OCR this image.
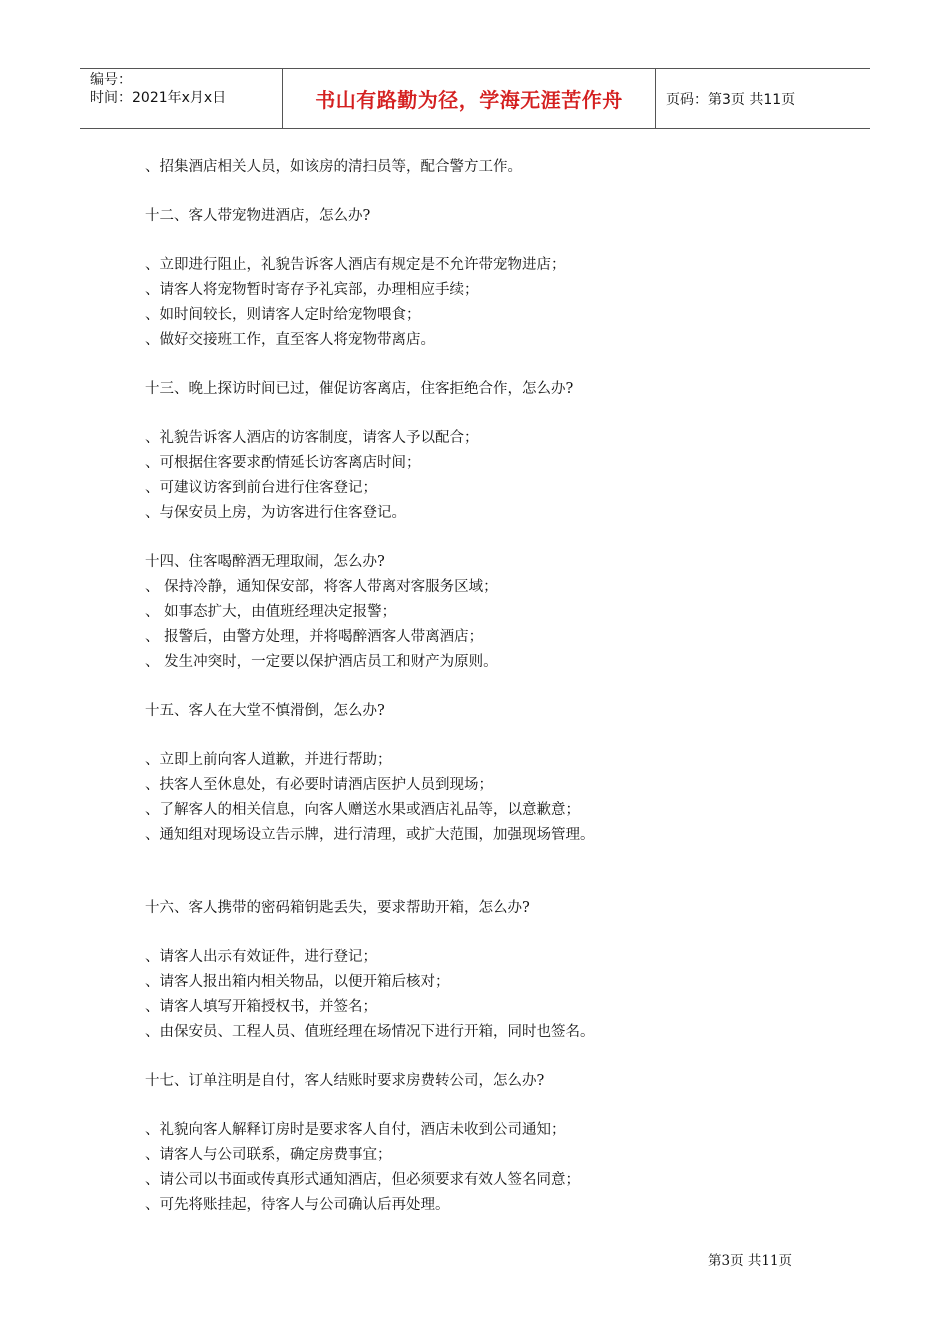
编号：
时间：2021年x月x日	书山有路勤为径，学海无涯苦作舟	页码：第3页 共11页
、招集酒店相关人员，如该房的清扫员等，配合警方工作。
十二、客人带宠物进酒店，怎么办?
、立即进行阻止，礼貌告诉客人酒店有规定是不允许带宠物进店；
、请客人将宠物暂时寄存予礼宾部，办理相应手续；
、如时间较长，则请客人定时给宠物喂食；
、做好交接班工作，直至客人将宠物带离店。
十三、晚上探访时间已过，催促访客离店，住客拒绝合作，怎么办?
、礼貌告诉客人酒店的访客制度，请客人予以配合；
、可根据住客要求酌情延长访客离店时间；
、可建议访客到前台进行住客登记；
、与保安员上房，为访客进行住客登记。
十四、住客喝醉酒无理取闹，怎么办?
、 保持冷静，通知保安部，将客人带离对客服务区域；
、 如事态扩大，由值班经理决定报警；
、 报警后，由警方处理，并将喝醉酒客人带离酒店；
、 发生冲突时，一定要以保护酒店员工和财产为原则。
十五、客人在大堂不慎滑倒，怎么办?
、立即上前向客人道歉，并进行帮助；
、扶客人至休息处，有必要时请酒店医护人员到现场；
、了解客人的相关信息，向客人赠送水果或酒店礼品等，以意歉意；
、通知组对现场设立告示牌，进行清理，或扩大范围，加强现场管理。
十六、客人携带的密码箱钥匙丢失，要求帮助开箱，怎么办?
、请客人出示有效证件，进行登记；
、请客人报出箱内相关物品，以便开箱后核对；
、请客人填写开箱授权书，并签名；
、由保安员、工程人员、值班经理在场情况下进行开箱，同时也签名。
十七、订单注明是自付，客人结账时要求房费转公司，怎么办?
、礼貌向客人解释订房时是要求客人自付，酒店未收到公司通知；
、请客人与公司联系，确定房费事宜；
、请公司以书面或传真形式通知酒店，但必须要求有效人签名同意；
、可先将账挂起，待客人与公司确认后再处理。
第3页 共11页
